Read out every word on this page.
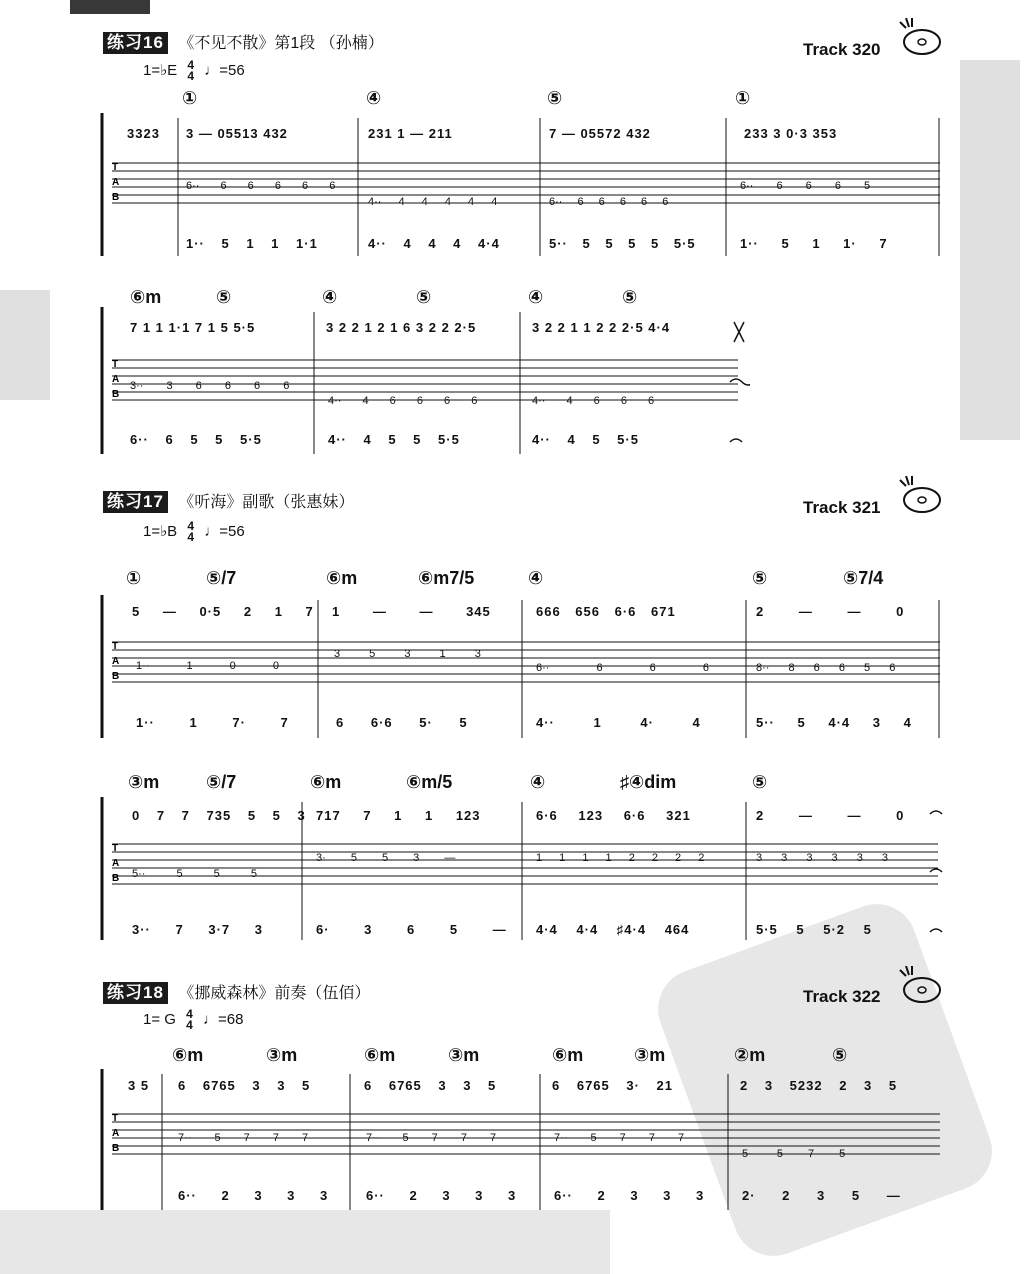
练习16 《不见不散》第1段 （孙楠）	Track 320
1=♭E 4
4 ♩=56
①	④	⑤	①
3323 3 — 05513 432	231 1 — 211	7 — 05572 432	233 3 0·3 353
T
A
B
6·· 6 6 6 6 6
4·· 4 4 4 4 4	6·· 6 6 6 6 6
6·· 6 6 6 5
1·· 5 1 1 1·1	4·· 4 4 4 4·4	5·· 5 5 5 5 5·5	1·· 5 1 1· 7
⑥m	⑤	④	⑤	④	⑤
7 1 1 1·1 7 1 5 5·5	3 2 2 1 2 1 6 3 2 2 2·5	3 2 2 1 1 2 2 2·5 4·4
T
A
B
3·· 3 6 6 6 6
4·· 4 6 6 6 6	4·· 4 6 6 6
6·· 6 5 5 5·5	4·· 4 5 5 5·5	4·· 4 5 5·5
练习17 《听海》副歌（张惠妹）	Track 321
1=♭B 4
4 ♩=56
①	⑤/7	⑥m	⑥m7/5	④	⑤	⑤7/4
5 — 0·5 2 1 7 1 — — 345	666 656 6·6 671	2 — — 0
T
A
B
1·· 1 0 0
3 5 3 1 3
6·· 6 6 6	8·· 8 6 6 5 6
1·· 1 7· 7	6 6·6 5· 5	4·· 1 4· 4	5·· 5 4·4 3 4
③m	⑤/7	⑥m	⑥m/5	④	♯④dim	⑤
0 7 7 735 5 5 3 717 7 1 1 123	6·6 123 6·6 321	2 — — 0
T
A
B 5·· 5 5 5
3· 5 5 3 —	1 1 1 1 2 2 2 2	3 3 3 3 3 3
3·· 7 3·7 3	6· 3 6 5 — 4·4 4·4 ♯4·4 464	5·5 5 5·2 5
练习18 《挪威森林》前奏（伍佰）	Track 322
1= G 4
4 ♩=68
⑥m	③m	⑥m	③m	⑥m	③m	②m	⑤
3 5 6 6765 3 3 5	6 6765 3 3 5	6 6765 3· 21	2 3 5232 2 3 5
T
A
B
7·· 5 7 7 7	7·· 5 7 7 7	7·· 5 7 7 7
5· 5 7 5 —
6·· 2 3 3 3	6·· 2 3 3 3	6·· 2 3 3 3	2· 2 3 5 —
